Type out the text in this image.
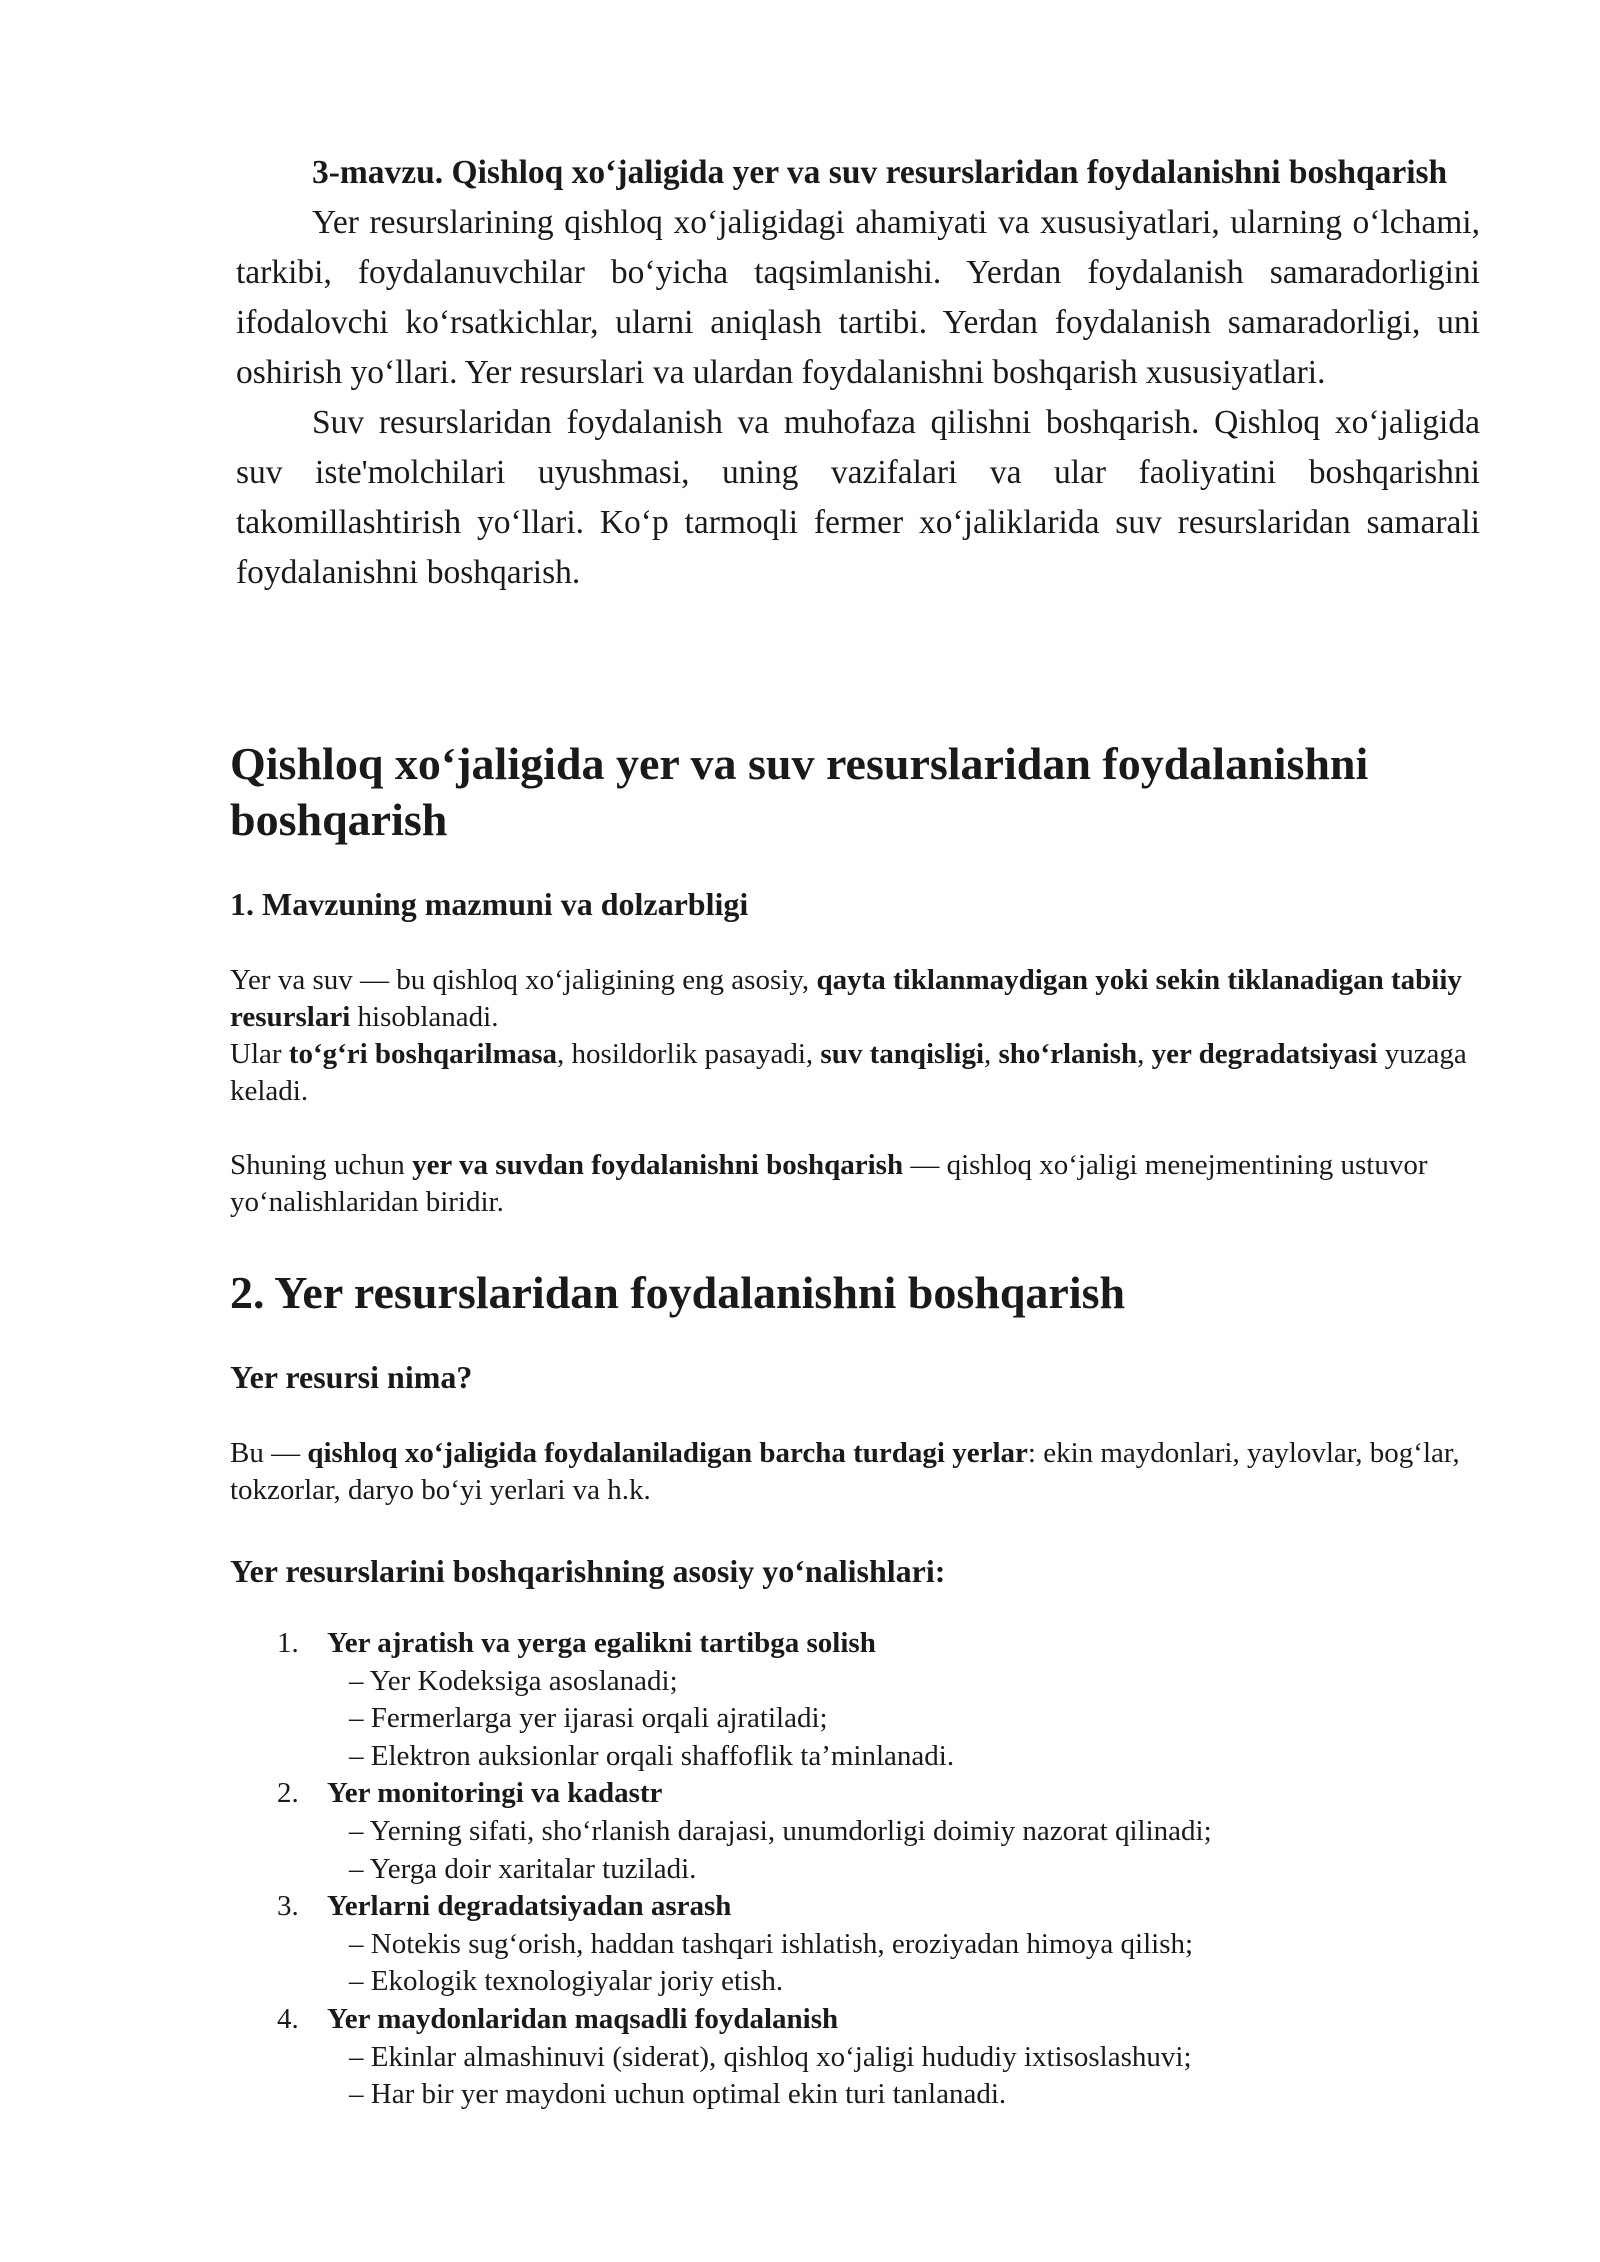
3-mavzu. Qishloq xo‘jaligida yer va suv resurslaridan foydalanishni boshqarish

Yer resurslarining qishloq xo‘jaligidagi ahamiyati va xususiyatlari, ularning o‘lchami, tarkibi, foydalanuvchilar bo‘yicha taqsimlanishi. Yerdan foydalanish samaradorligini ifodalovchi ko‘rsatkichlar, ularni aniqlash tartibi. Yerdan foydalanish samaradorligi, uni oshirish yo‘llari. Yer resurslari va ulardan foydalanishni boshqarish xususiyatlari.

Suv resurslaridan foydalanish va muhofaza qilishni boshqarish. Qishloq xo‘jaligida suv iste'molchilari uyushmasi, uning vazifalari va ular faoliyatini boshqarishni takomillashtirish yo‘llari. Ko‘p tarmoqli fermer xo‘jaliklarida suv resurslaridan samarali foydalanishni boshqarish.

Qishloq xo‘jaligida yer va suv resurslaridan foydalanishni boshqarish
1. Mavzuning mazmuni va dolzarbligi

Yer va suv — bu qishloq xo‘jaligining eng asosiy, qayta tiklanmaydigan yoki sekin tiklanadigan tabiiy resurslari hisoblanadi.

Ular to‘g‘ri boshqarilmasa, hosildorlik pasayadi, suv tanqisligi, sho‘rlanish, yer degradatsiyasi yuzaga keladi.

Shuning uchun yer va suvdan foydalanishni boshqarish — qishloq xo‘jaligi menejmentining ustuvor yo‘nalishlaridan biridir.

2. Yer resurslaridan foydalanishni boshqarish
Yer resursi nima?

Bu — qishloq xo‘jaligida foydalaniladigan barcha turdagi yerlar: ekin maydonlari, yaylovlar, bog‘lar, tokzorlar, daryo bo‘yi yerlari va h.k.

Yer resurslarini boshqarishning asosiy yo‘nalishlari:
1. Yer ajratish va yerga egalikni tartibga solish
– Yer Kodeksiga asoslanadi;
– Fermerlarga yer ijarasi orqali ajratiladi;
– Elektron auksionlar orqali shaffoflik ta’minlanadi.
2. Yer monitoringi va kadastr
– Yerning sifati, sho‘rlanish darajasi, unumdorligi doimiy nazorat qilinadi;
– Yerga doir xaritalar tuziladi.
3. Yerlarni degradatsiyadan asrash
– Notekis sug‘orish, haddan tashqari ishlatish, eroziyadan himoya qilish;
– Ekologik texnologiyalar joriy etish.
4. Yer maydonlaridan maqsadli foydalanish
– Ekinlar almashinuvi (siderat), qishloq xo‘jaligi hududiy ixtisoslashuvi;
– Har bir yer maydoni uchun optimal ekin turi tanlanadi.
